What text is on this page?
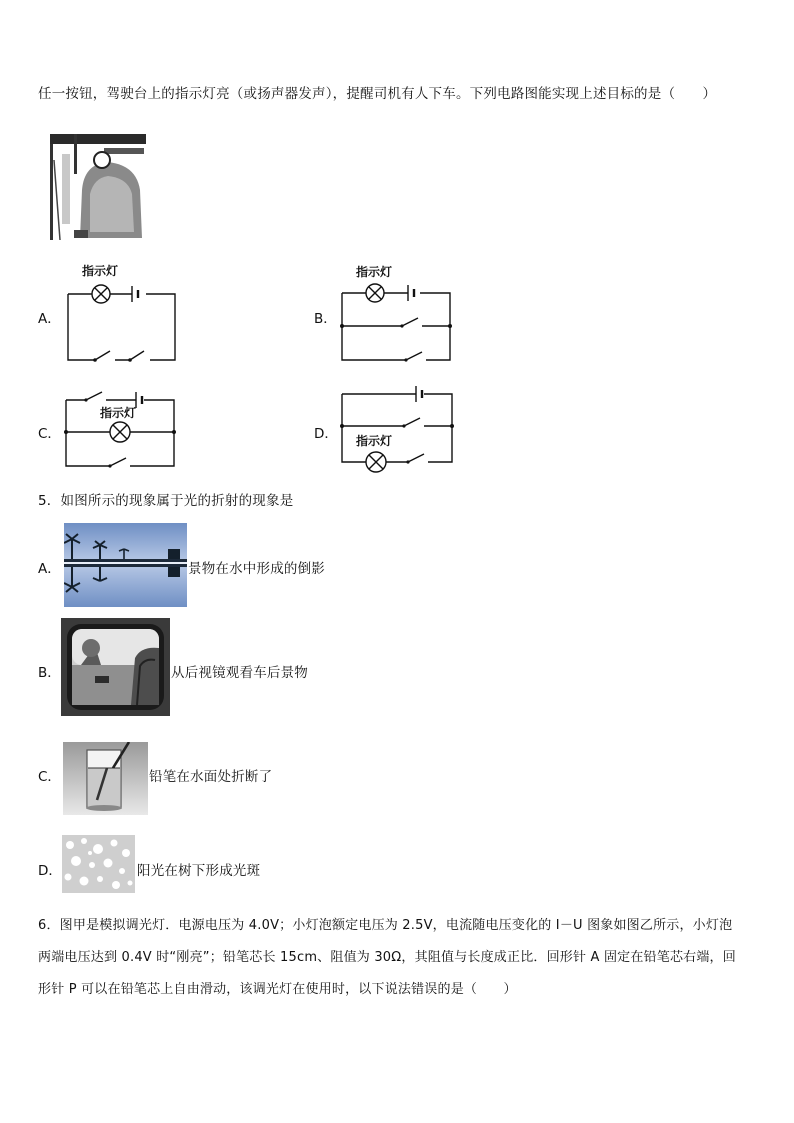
任一按钮，驾驶台上的指示灯亮（或扬声器发声），提醒司机有人下车。下列电路图能实现上述目标的是（　　）
A．
指示灯
B．
指示灯
C．
指示灯
D． 指示灯
5．如图所示的现象属于光的折射的现象是
A．	景物在水中形成的倒影
B．	从后视镜观看车后景物
C．	铅笔在水面处折断了
D．	阳光在树下形成光斑
6．图甲是模拟调光灯．电源电压为 4.0V；小灯泡额定电压为 2.5V，电流随电压变化的 I－U 图象如图乙所示，小灯泡
两端电压达到 0.4V 时“刚亮”；铅笔芯长 15cm、阻值为 30Ω，其阻值与长度成正比．回形针 A 固定在铅笔芯右端，回
形针 P 可以在铅笔芯上自由滑动，该调光灯在使用时，以下说法错误的是（　　）
